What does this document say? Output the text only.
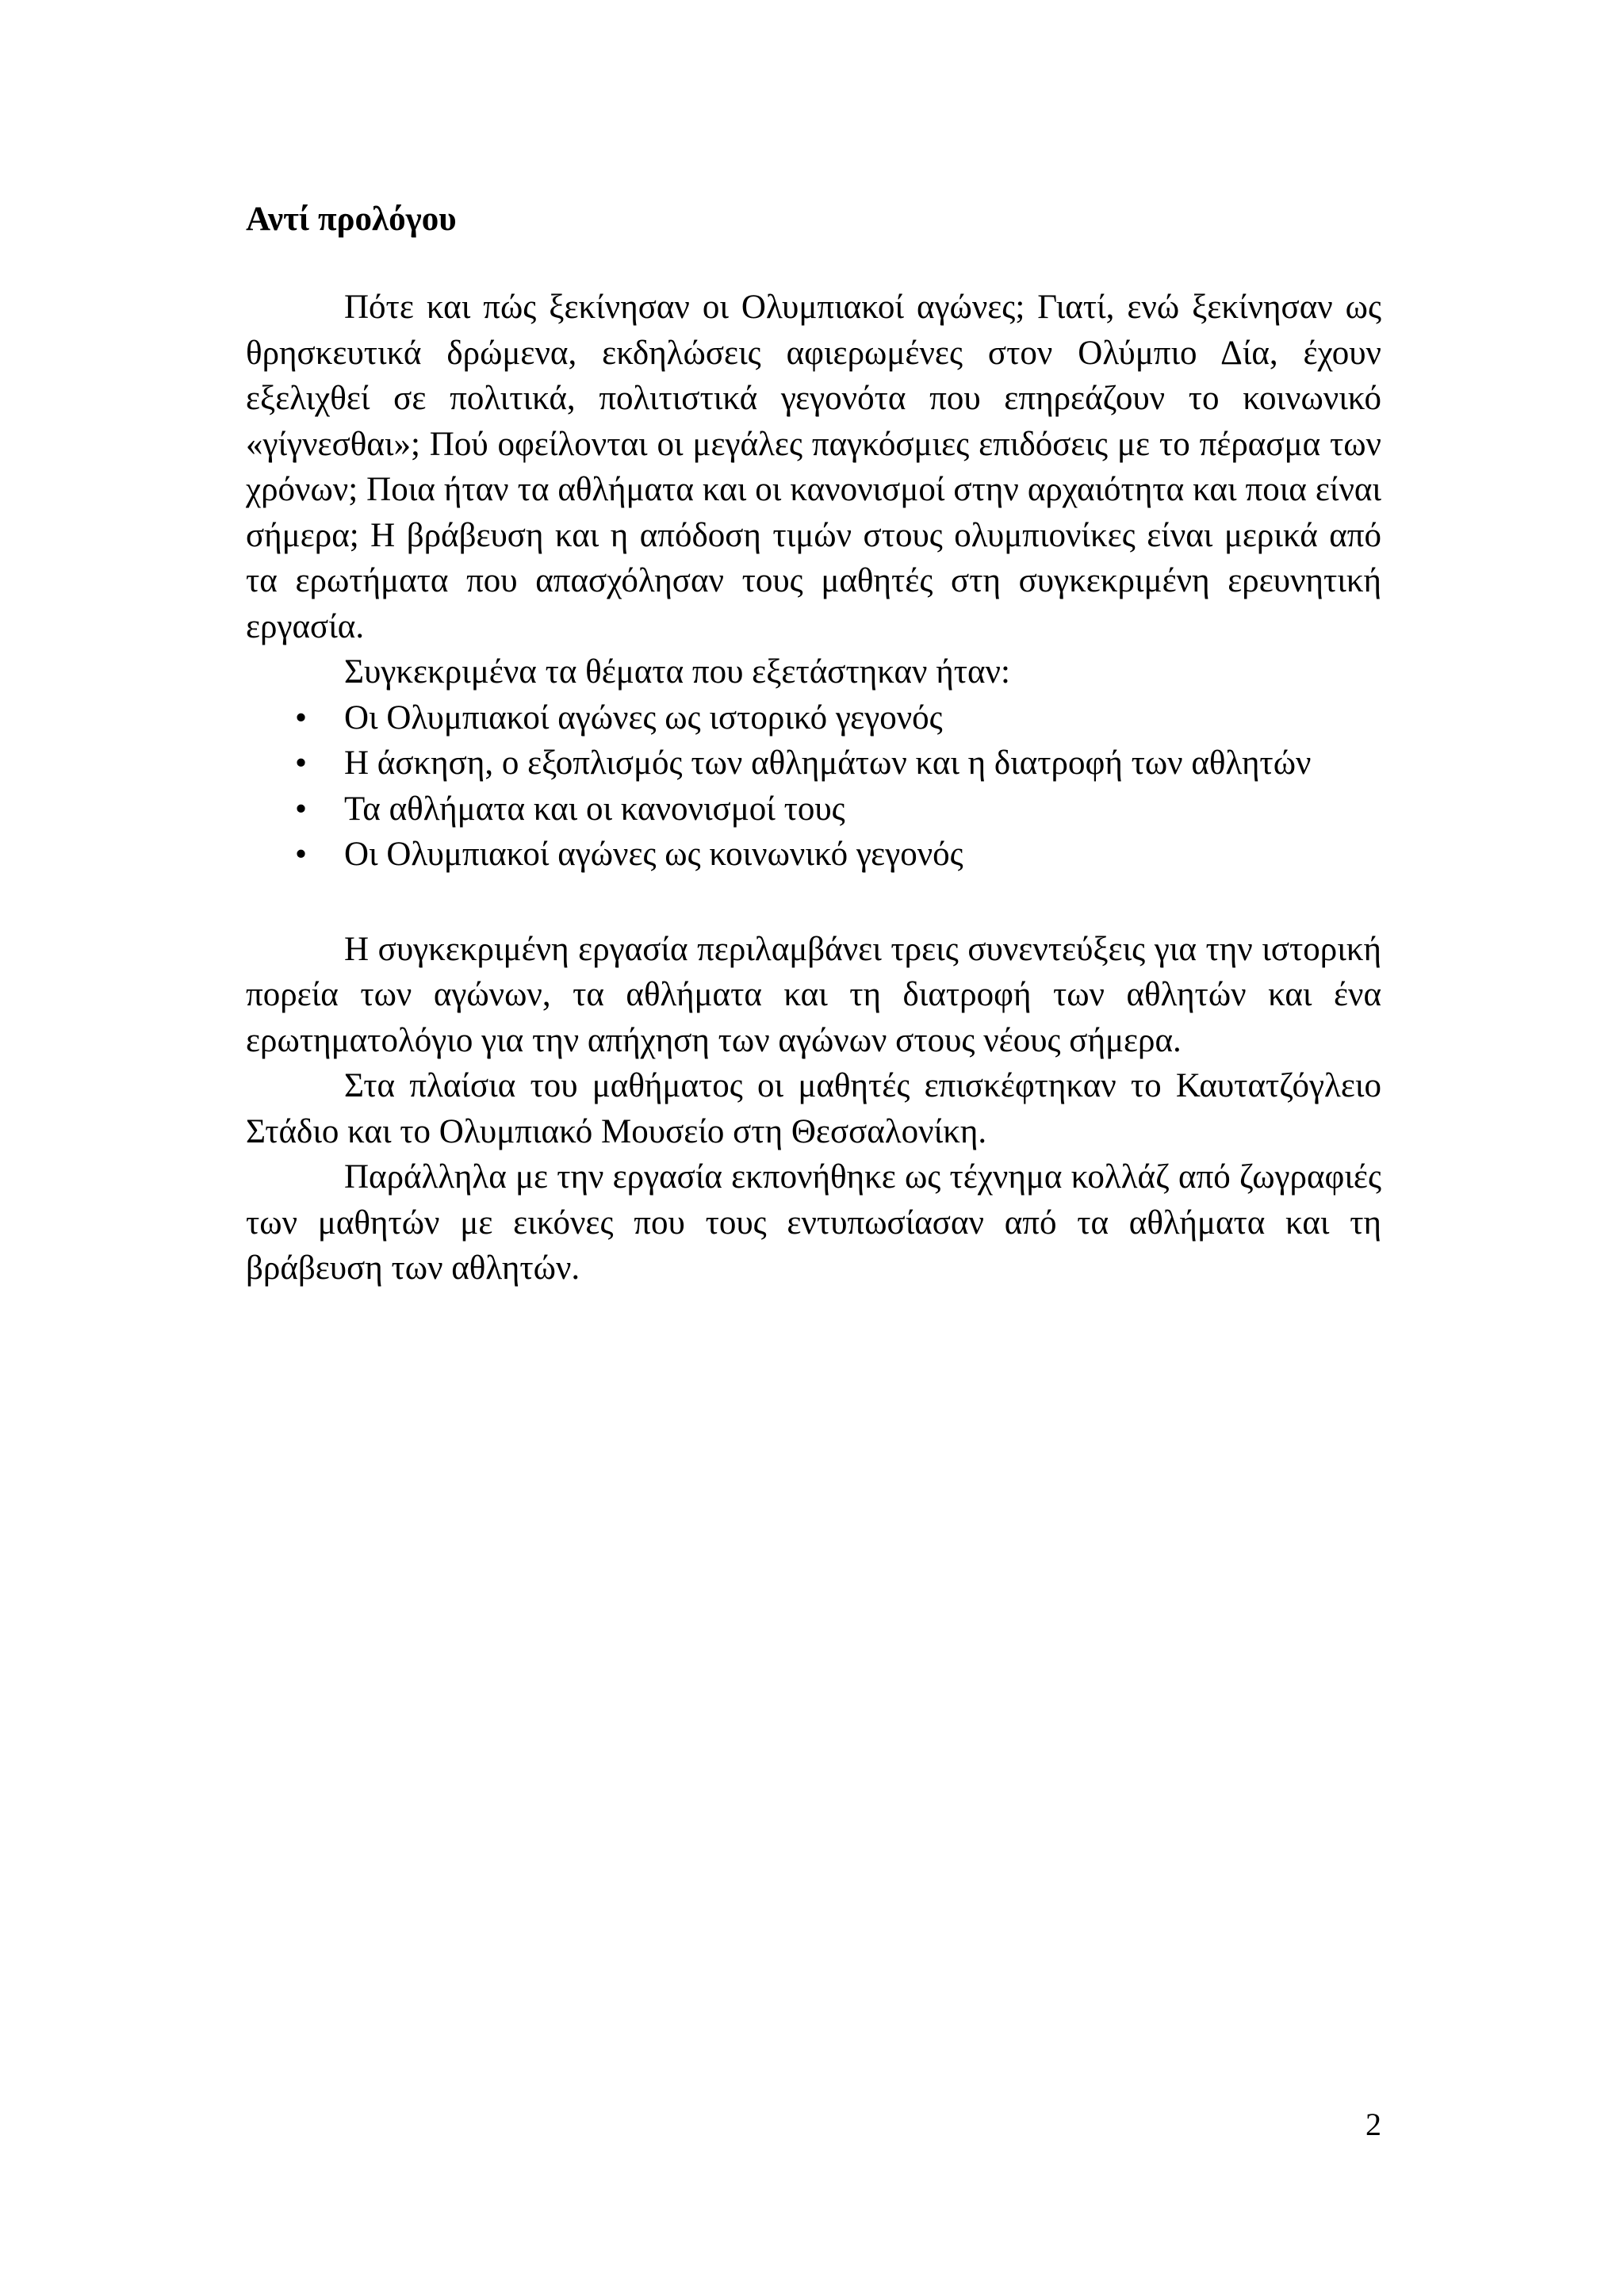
Αντί προλόγου

Πότε και πώς ξεκίνησαν οι Ολυμπιακοί αγώνες; Γιατί, ενώ ξεκίνησαν ως θρησκευτικά δρώμενα, εκδηλώσεις αφιερωμένες στον Ολύμπιο Δία, έχουν εξελιχθεί σε πολιτικά, πολιτιστικά γεγονότα που επηρεάζουν το κοινωνικό «γίγνεσθαι»; Πού οφείλονται οι μεγάλες παγκόσμιες επιδόσεις με το πέρασμα των χρόνων; Ποια ήταν τα αθλήματα και οι κανονισμοί στην αρχαιότητα και ποια είναι σήμερα; Η βράβευση και η απόδοση τιμών στους ολυμπιονίκες είναι μερικά από τα ερωτήματα που απασχόλησαν τους μαθητές στη συγκεκριμένη ερευνητική εργασία.

Συγκεκριμένα τα θέματα που εξετάστηκαν ήταν:

• Οι Ολυμπιακοί αγώνες ως ιστορικό γεγονός
• Η άσκηση, ο εξοπλισμός των αθλημάτων και η διατροφή των αθλητών
• Τα αθλήματα και οι κανονισμοί τους
• Οι Ολυμπιακοί αγώνες ως κοινωνικό γεγονός

Η συγκεκριμένη εργασία περιλαμβάνει τρεις συνεντεύξεις για την ιστορική πορεία των αγώνων, τα αθλήματα και τη διατροφή των αθλητών και ένα ερωτηματολόγιο για την απήχηση των αγώνων στους νέους σήμερα.

Στα πλαίσια του μαθήματος οι μαθητές επισκέφτηκαν το Καυτατζόγλειο Στάδιο και το Ολυμπιακό Μουσείο στη Θεσσαλονίκη.

Παράλληλα με την εργασία εκπονήθηκε ως τέχνημα κολλάζ από ζωγραφιές των μαθητών με εικόνες που τους εντυπωσίασαν από τα αθλήματα και τη βράβευση των αθλητών.

2
